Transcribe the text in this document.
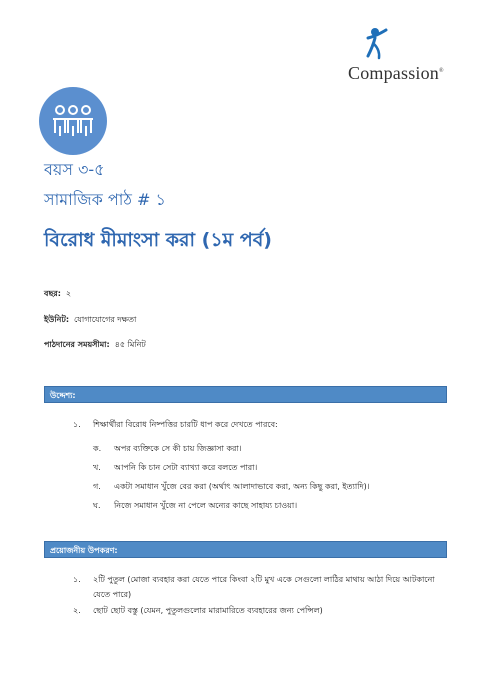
Compassion®
বয়স ৩-৫
সামাজিক পাঠ # ১
বিরোধ মীমাংসা করা (১ম পর্ব)
বছর: ২
ইউনিট: যোগাযোগের দক্ষতা
পাঠদানের সময়সীমা: ৪৫ মিনিট
উদ্দেশ্য:
১. শিক্ষার্থীরা বিরোধ নিষ্পত্তির চারটি ধাপ করে দেখতে পারবে:
ক. অপর ব্যক্তিকে সে কী চায় জিজ্ঞাসা করা।
খ. আপনি কি চান সেটা ব্যাখ্যা করে বলতে পারা।
গ. একটা সমাধান খুঁজে বের করা (অর্থাৎ আলাদাভাবে করা, অন্য কিছু করা, ইত্যাদি)।
ঘ. নিজে সমাধান খুঁজে না পেলে অন্যের কাছে সাহায্য চাওয়া।
প্রয়োজনীয় উপকরণ:
১. ২টি পুতুল (মোজা ব্যবহার করা যেতে পারে কিংবা ২টি মুখ একে সেগুলো লাঠির মাথায় আঠা দিয়ে আটকানো
যেতে পারে)
২. ছোট ছোট বস্তু (যেমন, পুতুলগুলোর মারামারিতে ব্যবহারের জন্য পেন্সিল)
